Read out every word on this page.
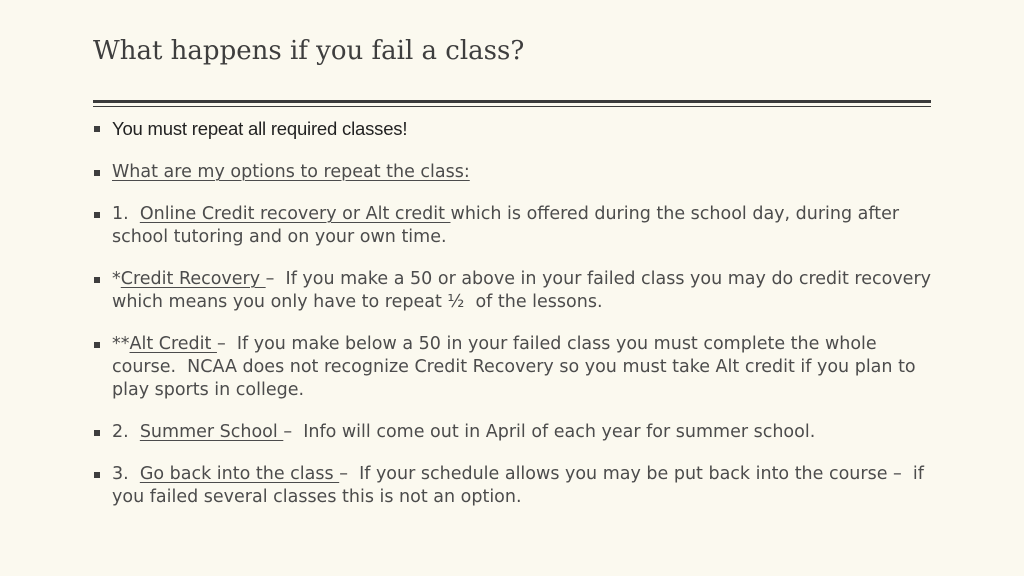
What happens if you fail a class?
You must repeat all required classes!
What are my options to repeat the class:
1.  Online Credit recovery or Alt credit which is offered during the school day, during after school tutoring and on your own time.
*Credit Recovery –  If you make a 50 or above in your failed class you may do credit recovery which means you only have to repeat ½  of the lessons.
**Alt Credit –  If you make below a 50 in your failed class you must complete the whole course.  NCAA does not recognize Credit Recovery so you must take Alt credit if you plan to play sports in college.
2.  Summer School –  Info will come out in April of each year for summer school.
3.  Go back into the class –  If your schedule allows you may be put back into the course –  if you failed several classes this is not an option.
